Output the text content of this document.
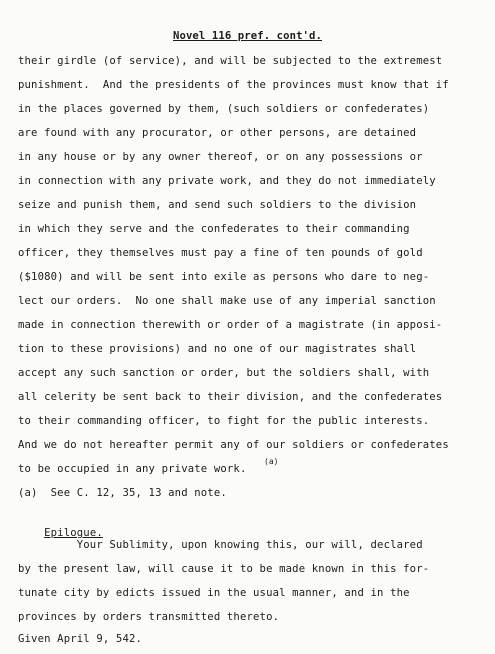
Novel 116 pref. cont'd.
their girdle (of service), and will be subjected to the extremest
punishment.  And the presidents of the provinces must know that if
in the places governed by them, (such soldiers or confederates)
are found with any procurator, or other persons, are detained
in any house or by any owner thereof, or on any possessions or
in connection with any private work, and they do not immediately
seize and punish them, and send such soldiers to the division
in which they serve and the confederates to their commanding
officer, they themselves must pay a fine of ten pounds of gold
($1080) and will be sent into exile as persons who dare to neg-
lect our orders.  No one shall make use of any imperial sanction
made in connection therewith or order of a magistrate (in apposi-
tion to these provisions) and no one of our magistrates shall
accept any such sanction or order, but the soldiers shall, with
all celerity be sent back to their division, and the confederates
to their commanding officer, to fight for the public interests.
And we do not hereafter permit any of our soldiers or confederates
(a)
to be occupied in any private work.
(a)  See C. 12, 35, 13 and note.

Epilogue.

Your Sublimity, upon knowing this, our will, declared
by the present law, will cause it to be made known in this for-
tunate city by edicts issued in the usual manner, and in the
provinces by orders transmitted thereto.
Given April 9, 542.
